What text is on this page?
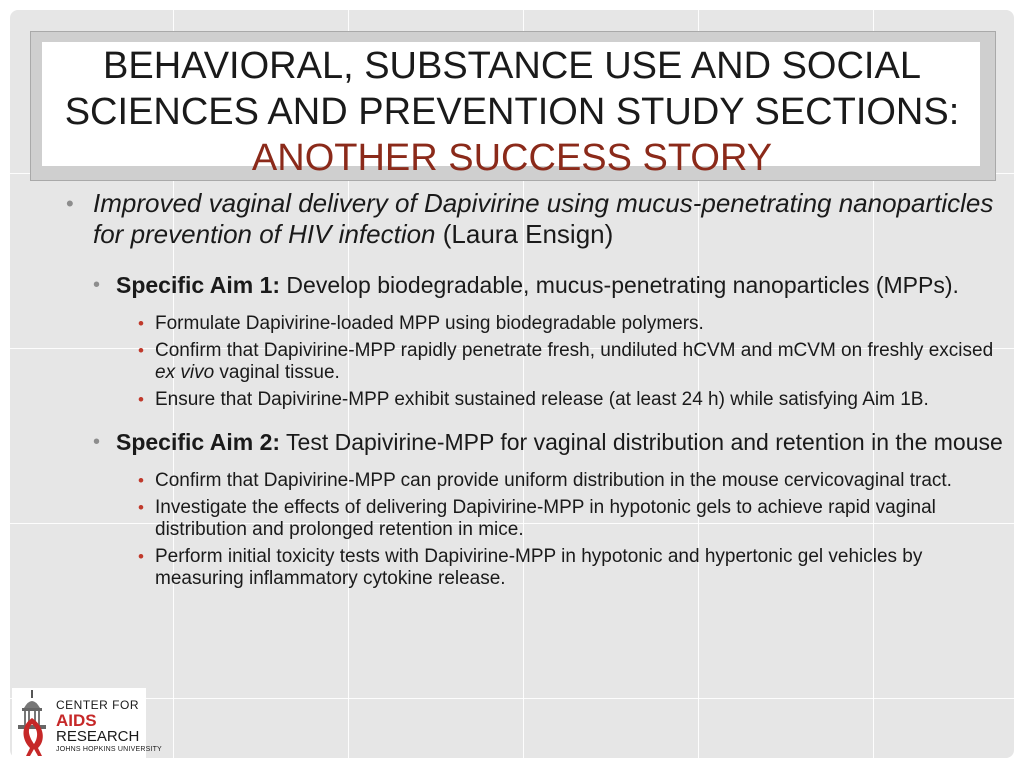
BEHAVIORAL, SUBSTANCE USE AND SOCIAL
SCIENCES AND PREVENTION STUDY SECTIONS:
ANOTHER SUCCESS STORY
• Improved vaginal delivery of Dapivirine using mucus-penetrating nanoparticles for prevention of HIV infection (Laura Ensign)
• Specific Aim 1: Develop biodegradable, mucus-penetrating nanoparticles (MPPs).
• Formulate Dapivirine-loaded MPP using biodegradable polymers.
• Confirm that Dapivirine-MPP rapidly penetrate fresh, undiluted hCVM and mCVM on freshly excised ex vivo vaginal tissue.
• Ensure that Dapivirine-MPP exhibit sustained release (at least 24 h) while satisfying Aim 1B.
• Specific Aim 2: Test Dapivirine-MPP for vaginal distribution and retention in the mouse
• Confirm that Dapivirine-MPP can provide uniform distribution in the mouse cervicovaginal tract.
• Investigate the effects of delivering Dapivirine-MPP in hypotonic gels to achieve rapid vaginal distribution and prolonged retention in mice.
• Perform initial toxicity tests with Dapivirine-MPP in hypotonic and hypertonic gel vehicles by measuring inflammatory cytokine release.
CENTER FOR
AIDS
RESEARCH
JOHNS HOPKINS UNIVERSITY
